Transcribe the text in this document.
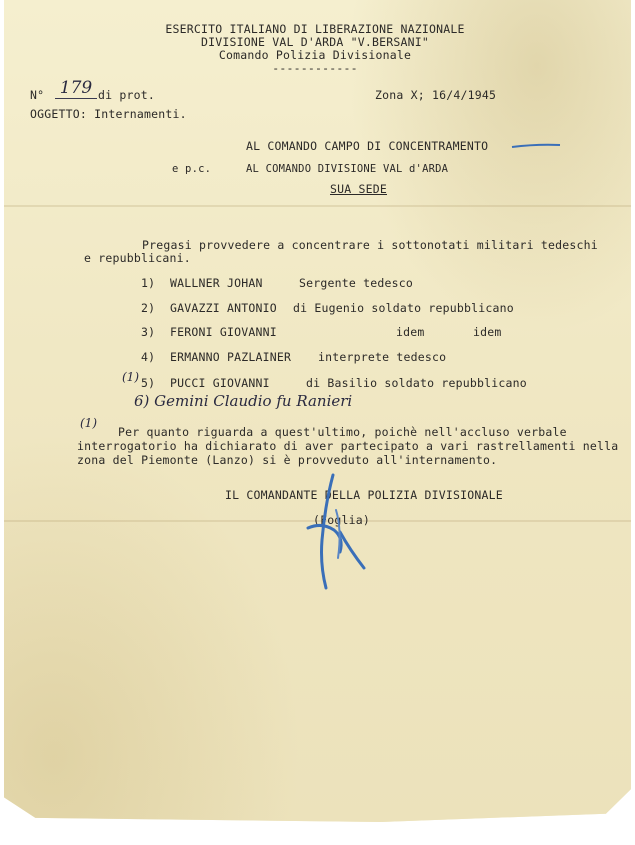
ESERCITO ITALIANO DI LIBERAZIONE NAZIONALE
DIVISIONE VAL D'ARDA "V.BERSANI"
Comando Polizia Divisionale
------------
N° 179 di prot.	Zona X; 16/4/1945
OGGETTO: Internamenti.
AL COMANDO CAMPO DI CONCENTRAMENTO
e p.c.	AL COMANDO DIVISIONE VAL d'ARDA
SUA SEDE
Pregasi provvedere a concentrare i sottonotati militari tedeschi
e repubblicani.
1) WALLNER JOHAN	Sergente tedesco
2) GAVAZZI ANTONIO di Eugenio soldato repubblicano
3) FERONI GIOVANNI	idem	idem
4) ERMANNO PAZLAINER interprete tedesco
(1) 5) PUCCI GIOVANNI	di Basilio soldato repubblicano
6) Gemini Claudio fu Ranieri
(1)
Per quanto riguarda a quest'ultimo, poichè nell'accluso verbale
interrogatorio ha dichiarato di aver partecipato a vari rastrellamenti nella
zona del Piemonte (Lanzo) si è provveduto all'internamento.
IL COMANDANTE DELLA POLIZIA DIVISIONALE
(Foglia)
